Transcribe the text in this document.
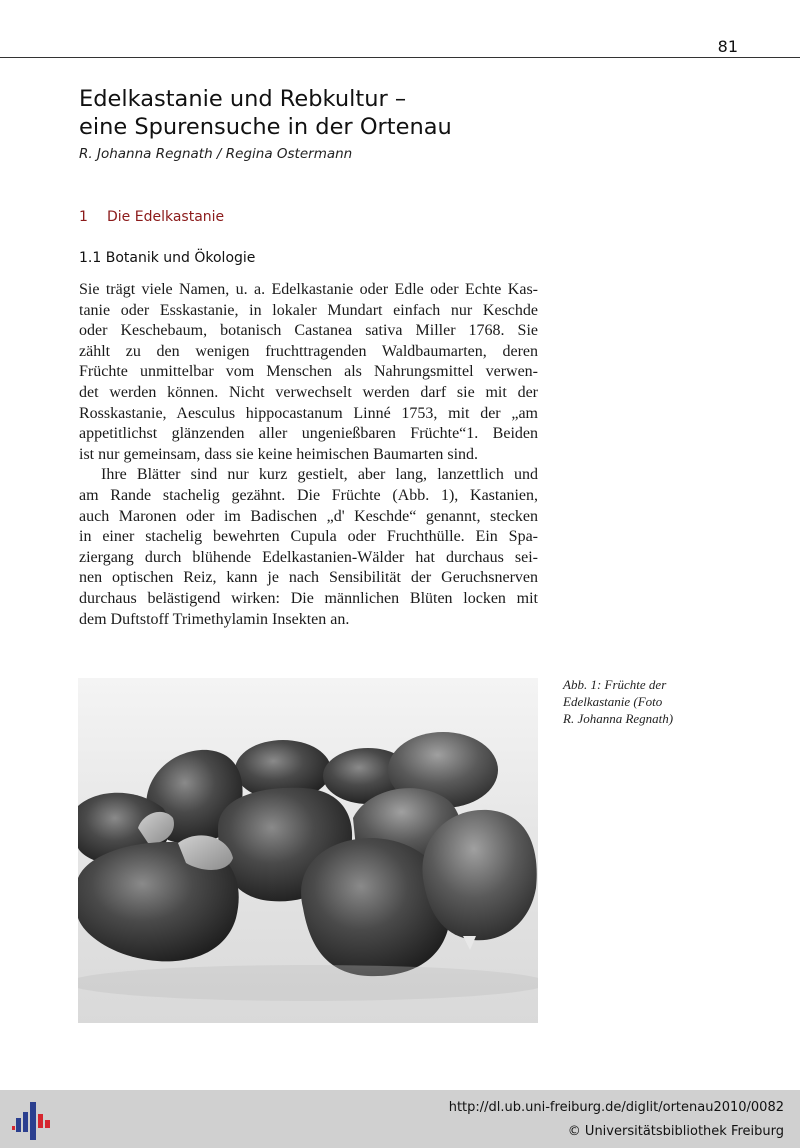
81
Edelkastanie und Rebkultur –
eine Spurensuche in der Ortenau
R. Johanna Regnath / Regina Ostermann
1 Die Edelkastanie
1.1 Botanik und Ökologie
Sie trägt viele Namen, u. a. Edelkastanie oder Edle oder Echte Kas-
tanie oder Esskastanie, in lokaler Mundart einfach nur Keschde
oder Keschebaum, botanisch Castanea sativa Miller 1768. Sie
zählt zu den wenigen fruchttragenden Waldbaumarten, deren
Früchte unmittelbar vom Menschen als Nahrungsmittel verwen-
det werden können. Nicht verwechselt werden darf sie mit der
Rosskastanie, Aesculus hippocastanum Linné 1753, mit der „am
appetitlichst glänzenden aller ungenießbaren Früchte“1. Beiden
ist nur gemeinsam, dass sie keine heimischen Baumarten sind.
Ihre Blätter sind nur kurz gestielt, aber lang, lanzettlich und
am Rande stachelig gezähnt. Die Früchte (Abb. 1), Kastanien,
auch Maronen oder im Badischen „d' Keschde“ genannt, stecken
in einer stachelig bewehrten Cupula oder Fruchthülle. Ein Spa-
ziergang durch blühende Edelkastanien-Wälder hat durchaus sei-
nen optischen Reiz, kann je nach Sensibilität der Geruchsnerven
durchaus belästigend wirken: Die männlichen Blüten locken mit
dem Duftstoff Trimethylamin Insekten an.
Abb. 1: Früchte der
Edelkastanie (Foto
R. Johanna Regnath)
http://dl.ub.uni-freiburg.de/diglit/ortenau2010/0082
© Universitätsbibliothek Freiburg
